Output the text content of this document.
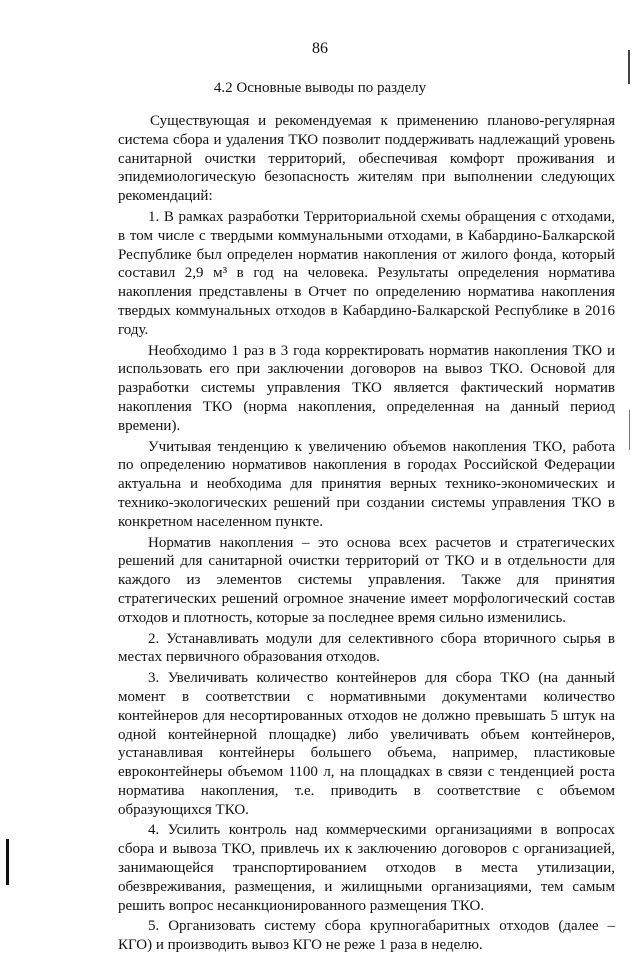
86
4.2 Основные выводы по разделу

Существующая и рекомендуемая к применению планово-регулярная система сбора и удаления ТКО позволит поддерживать надлежащий уровень санитарной очистки территорий, обеспечивая комфорт проживания и эпидемиологическую безопасность жителям при выполнении следующих рекомендаций:

1. В рамках разработки Территориальной схемы обращения с отходами, в том числе с твердыми коммунальными отходами, в Кабардино-Балкарской Республике был определен норматив накопления от жилого фонда, который составил 2,9 м³ в год на человека. Результаты определения норматива накопления представлены в Отчет по определению норматива накопления твердых коммунальных отходов в Кабардино-Балкарской Республике в 2016 году.

Необходимо 1 раз в 3 года корректировать норматив накопления ТКО и использовать его при заключении договоров на вывоз ТКО. Основой для разработки системы управления ТКО является фактический норматив накопления ТКО (норма накопления, определенная на данный период времени).

Учитывая тенденцию к увеличению объемов накопления ТКО, работа по определению нормативов накопления в городах Российской Федерации актуальна и необходима для принятия верных технико-экономических и технико-экологических решений при создании системы управления ТКО в конкретном населенном пункте.

Норматив накопления – это основа всех расчетов и стратегических решений для санитарной очистки территорий от ТКО и в отдельности для каждого из элементов системы управления. Также для принятия стратегических решений огромное значение имеет морфологический состав отходов и плотность, которые за последнее время сильно изменились.

2. Устанавливать модули для селективного сбора вторичного сырья в местах первичного образования отходов.

3. Увеличивать количество контейнеров для сбора ТКО (на данный момент в соответствии с нормативными документами количество контейнеров для несортированных отходов не должно превышать 5 штук на одной контейнерной площадке) либо увеличивать объем контейнеров, устанавливая контейнеры большего объема, например, пластиковые евроконтейнеры объемом 1100 л, на площадках в связи с тенденцией роста норматива накопления, т.е. приводить в соответствие с объемом образующихся ТКО.

4. Усилить контроль над коммерческими организациями в вопросах сбора и вывоза ТКО, привлечь их к заключению договоров с организацией, занимающейся транспортированием отходов в места утилизации, обезвреживания, размещения, и жилищными организациями, тем самым решить вопрос несанкционированного размещения ТКО.

5. Организовать систему сбора крупногабаритных отходов (далее – КГО) и производить вывоз КГО не реже 1 раза в неделю.
